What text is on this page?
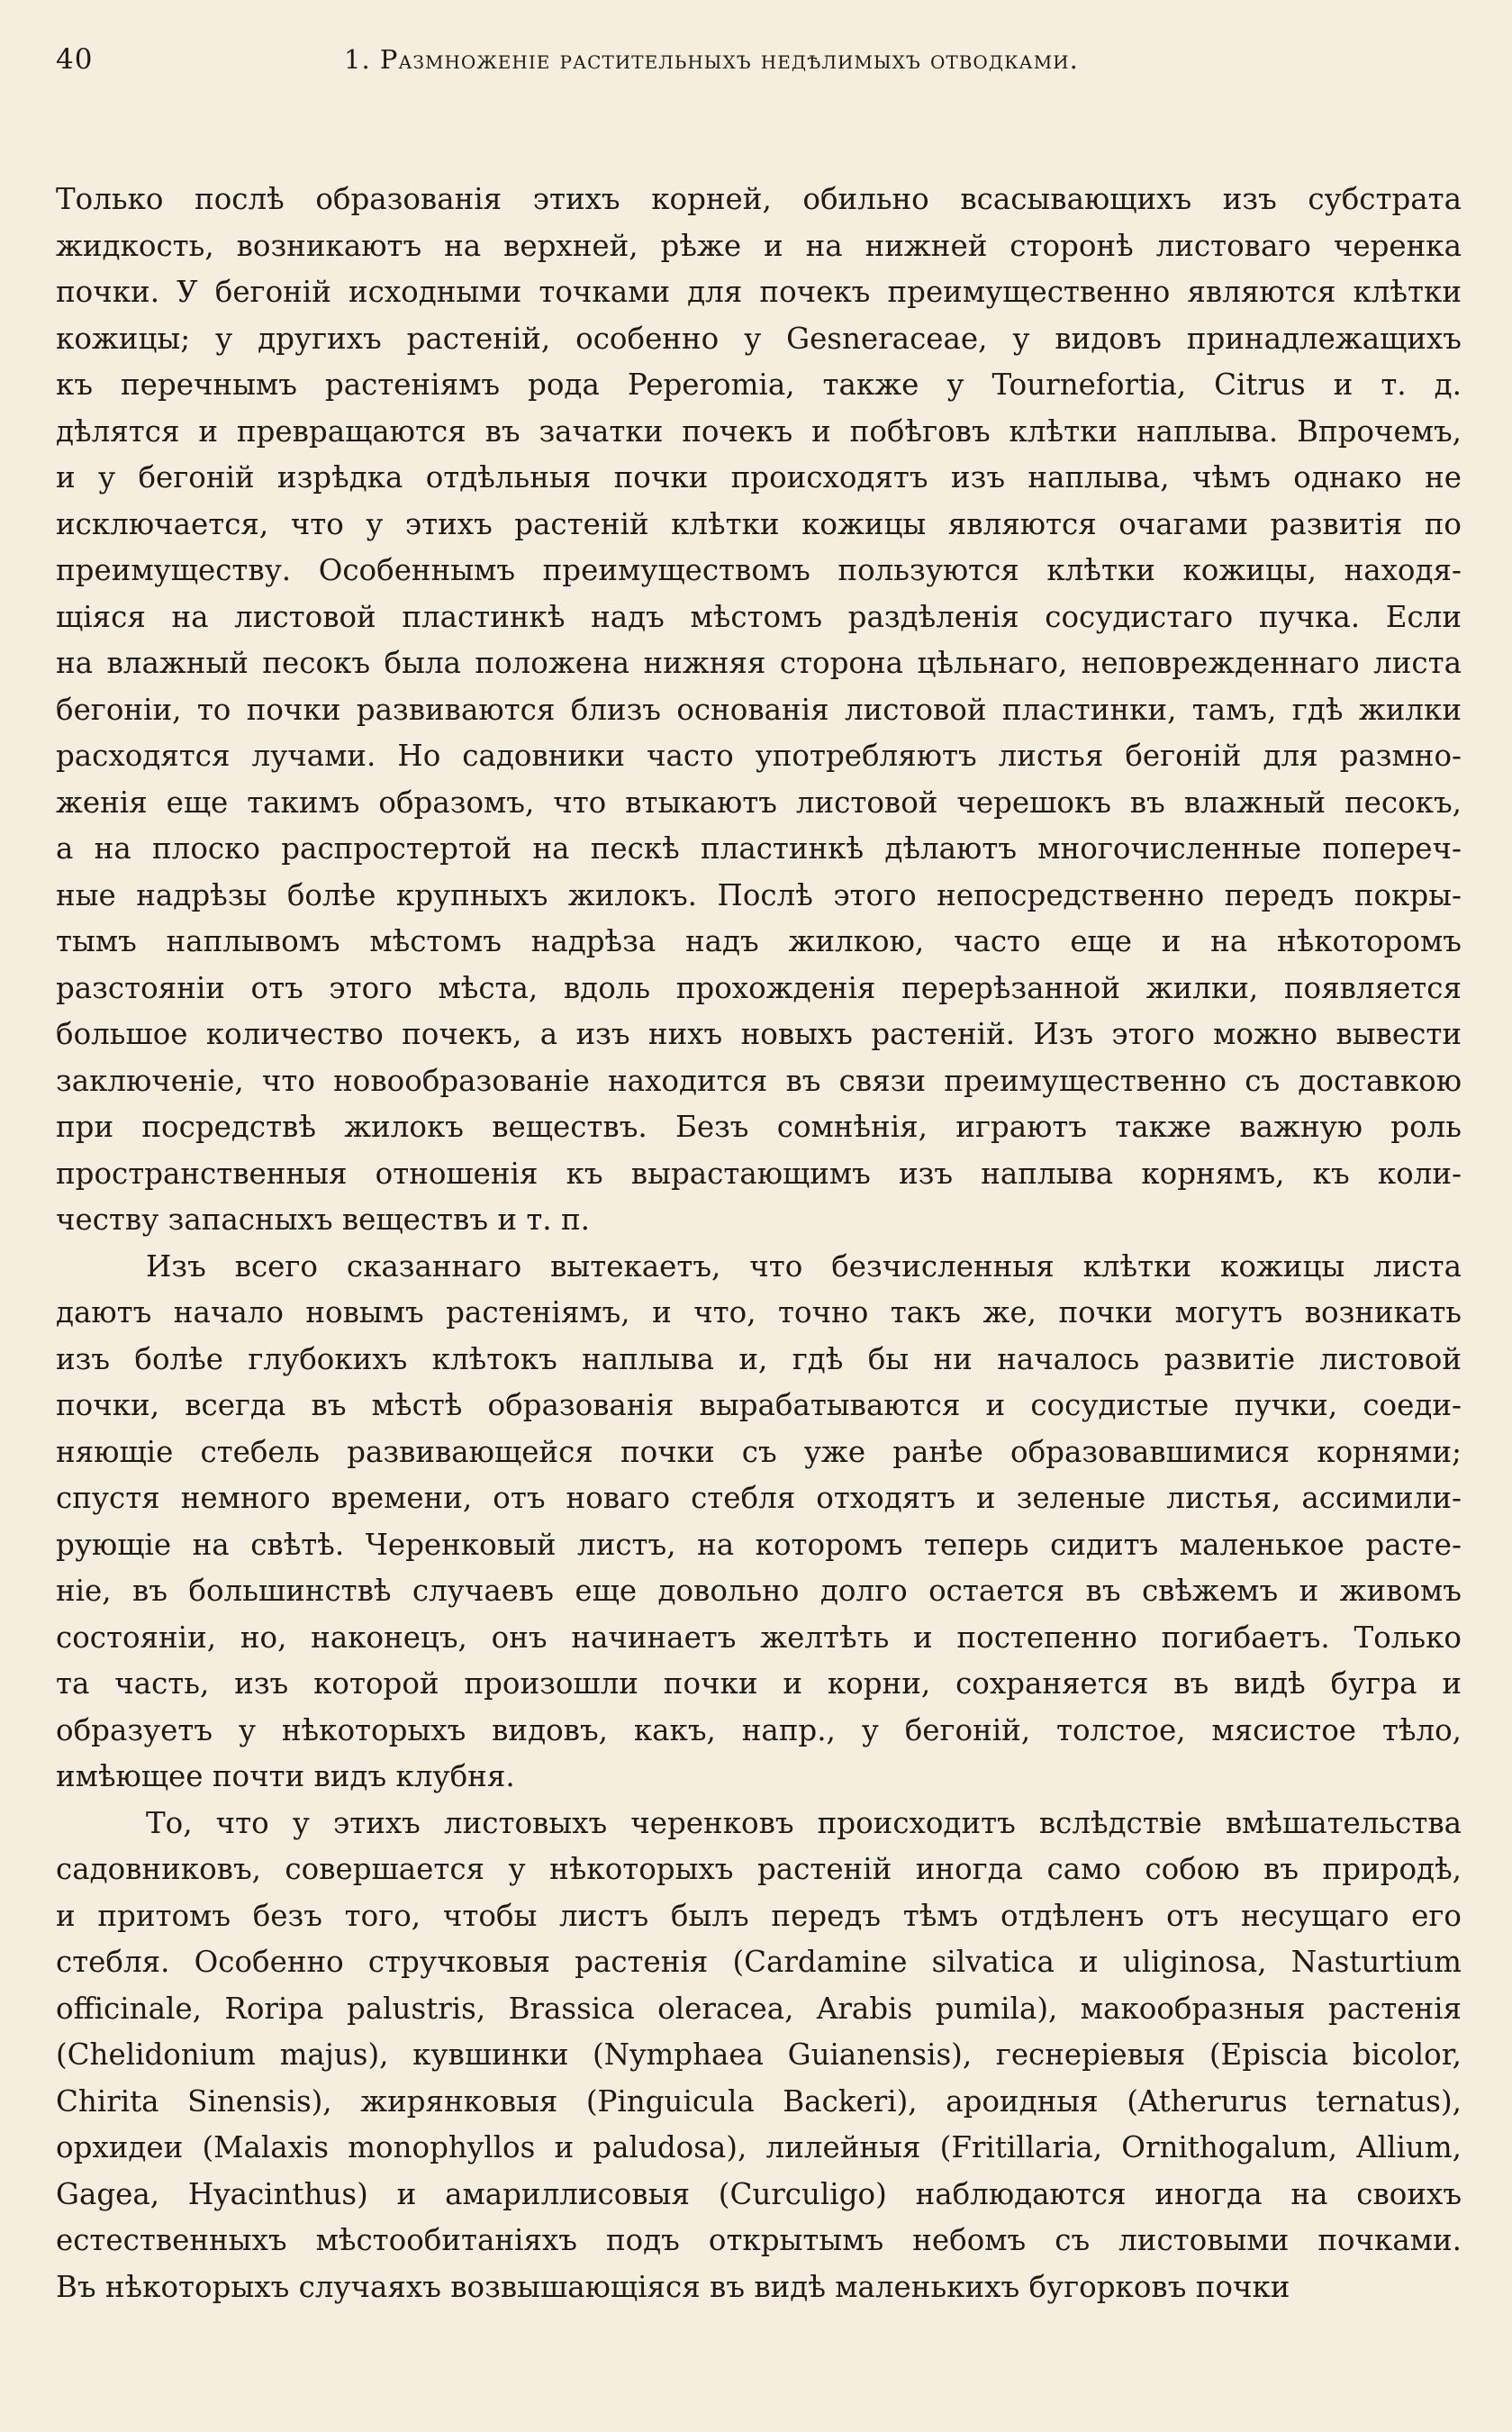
40	1. Размноженіе растительныхъ недѣлимыхъ отводками.
Только послѣ образованія этихъ корней, обильно всасывающихъ изъ субстрата
жидкость, возникаютъ на верхней, рѣже и на нижней сторонѣ листоваго черенка
почки. У бегоній исходными точками для почекъ преимущественно являются клѣтки
кожицы; у другихъ растеній, особенно у Gesneraceae, у видовъ принадлежащихъ
къ перечнымъ растеніямъ рода Peperomia, также у Tournefortia, Citrus и т. д.
дѣлятся и превращаются въ зачатки почекъ и побѣговъ клѣтки наплыва. Впрочемъ,
и у бегоній изрѣдка отдѣльныя почки происходятъ изъ наплыва, чѣмъ однако не
исключается, что у этихъ растеній клѣтки кожицы являются очагами развитія по
преимуществу. Особеннымъ преимуществомъ пользуются клѣтки кожицы, находя-
щіяся на листовой пластинкѣ надъ мѣстомъ раздѣленія сосудистаго пучка. Если
на влажный песокъ была положена нижняя сторона цѣльнаго, неповрежденнаго листа
бегоніи, то почки развиваются близъ основанія листовой пластинки, тамъ, гдѣ жилки
расходятся лучами. Но садовники часто употребляютъ листья бегоній для размно-
женія еще такимъ образомъ, что втыкаютъ листовой черешокъ въ влажный песокъ,
а на плоско распростертой на пескѣ пластинкѣ дѣлаютъ многочисленные попереч-
ные надрѣзы болѣе крупныхъ жилокъ. Послѣ этого непосредственно передъ покры-
тымъ наплывомъ мѣстомъ надрѣза надъ жилкою, часто еще и на нѣкоторомъ
разстояніи отъ этого мѣста, вдоль прохожденія перерѣзанной жилки, появляется
большое количество почекъ, а изъ нихъ новыхъ растеній. Изъ этого можно вывести
заключеніе, что новообразованіе находится въ связи преимущественно съ доставкою
при посредствѣ жилокъ веществъ. Безъ сомнѣнія, играютъ также важную роль
пространственныя отношенія къ вырастающимъ изъ наплыва корнямъ, къ коли-
честву запасныхъ веществъ и т. п.
Изъ всего сказаннаго вытекаетъ, что безчисленныя клѣтки кожицы листа
даютъ начало новымъ растеніямъ, и что, точно такъ же, почки могутъ возникать
изъ болѣе глубокихъ клѣтокъ наплыва и, гдѣ бы ни началось развитіе листовой
почки, всегда въ мѣстѣ образованія вырабатываются и сосудистые пучки, соеди-
няющіе стебель развивающейся почки съ уже ранѣе образовавшимися корнями;
спустя немного времени, отъ новаго стебля отходятъ и зеленые листья, ассимили-
рующіе на свѣтѣ. Черенковый листъ, на которомъ теперь сидитъ маленькое расте-
ніе, въ большинствѣ случаевъ еще довольно долго остается въ свѣжемъ и живомъ
состояніи, но, наконецъ, онъ начинаетъ желтѣть и постепенно погибаетъ. Только
та часть, изъ которой произошли почки и корни, сохраняется въ видѣ бугра и
образуетъ у нѣкоторыхъ видовъ, какъ, напр., у бегоній, толстое, мясистое тѣло,
имѣющее почти видъ клубня.
То, что у этихъ листовыхъ черенковъ происходитъ вслѣдствіе вмѣшательства
садовниковъ, совершается у нѣкоторыхъ растеній иногда само собою въ природѣ,
и притомъ безъ того, чтобы листъ былъ передъ тѣмъ отдѣленъ отъ несущаго его
стебля. Особенно стручковыя растенія (Cardamine silvatica и uliginosa, Nasturtium
officinale, Roripa palustris, Brassica oleracea, Arabis pumila), макообразныя растенія
(Chelidonium majus), кувшинки (Nymphaea Guianensis), геснеріевыя (Episcia bicolor,
Chirita Sinensis), жирянковыя (Pinguicula Backeri), ароидныя (Atherurus ternatus),
орхидеи (Malaxis monophyllos и paludosa), лилейныя (Fritillaria, Ornithogalum, Allium,
Gagea, Hyacinthus) и амариллисовыя (Curculigo) наблюдаются иногда на своихъ
естественныхъ мѣстообитаніяхъ подъ открытымъ небомъ съ листовыми почками.
Въ нѣкоторыхъ случаяхъ возвышающіяся въ видѣ маленькихъ бугорковъ почки
